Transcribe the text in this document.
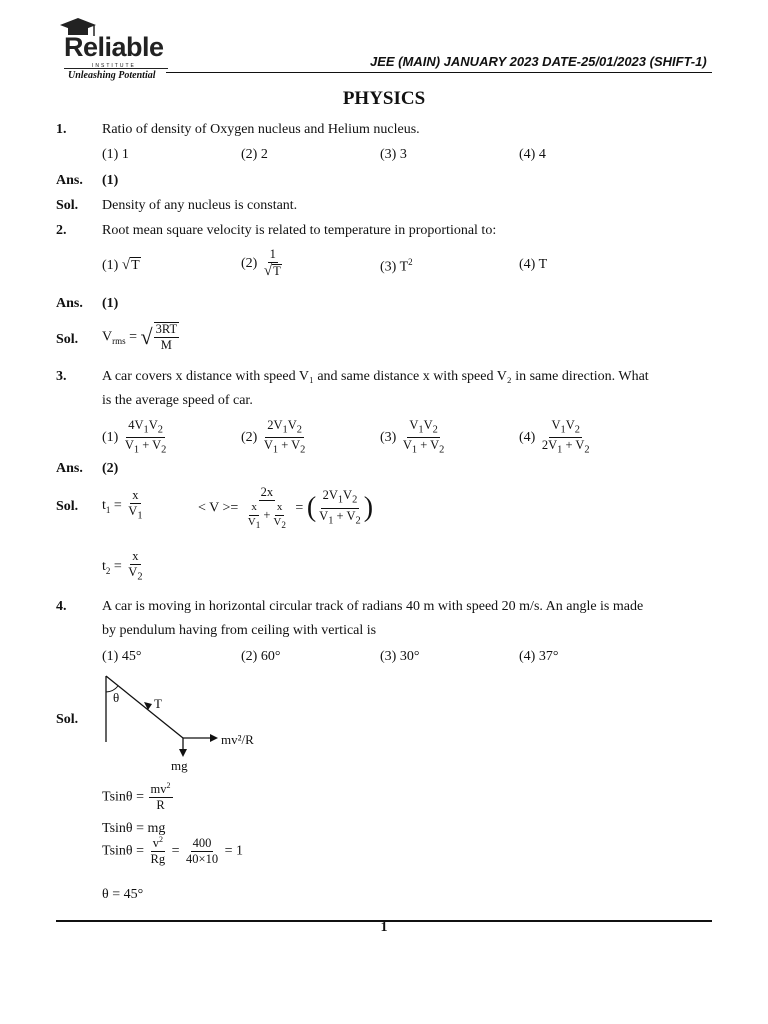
Reliable
INSTITUTE
Unleashing Potential
JEE (MAIN) JANUARY 2023 DATE-25/01/2023 (SHIFT-1)
PHYSICS
1.	Ratio of density of Oxygen nucleus and Helium nucleus.
(1) 1	(2) 2	(3) 3	(4) 4
Ans. (1)
Sol. Density of any nucleus is constant.
2.	Root mean square velocity is related to temperature in proportional to:
(1) √T	$(2) \frac{1}{√T}$	(3) $T^2$	(4) T
Ans. (1)
Sol. $V_{rms}$ = √ $\frac{3RT}{M}$
3.	A car covers x distance with speed V₁ and same distance x with speed V₂ in same direction. What
is the average speed of car.
$(1) \frac{4V_1V_2}{V_1 + V_2}$	$(2) \frac{2V_1V_2}{V_1 + V_2}$	$(3) \frac{V_1V_2}{V_1 + V_2}$	$(4) \frac{V_1V_2}{2V_1 + V_2}$
Ans. (2)
Sol. $t_1 = \frac{x}{V_1}$	< $V >= \frac{2x}{\frac{x}{V_1} + \frac{x}{V_2}}$ = ( $\frac{2V_1V_2}{V_1 + V_2}$ )
$t_2 = \frac{x}{V_2}$
4.	A car is moving in horizontal circular track of radians 40 m with speed 20 m/s. An angle is made
by pendulum having from ceiling with vertical is
(1) 45°	(2) 60°	(3) 30°	(4) 37°
Sol.
θ	T
mv²/R
mg
$Tsin\theta = \frac{mv^2}{R}$
Tsinθ = mg
$Tsin\theta = \frac{v^2}{Rg} = \frac{400}{40\times 10} = 1$
θ = 45°
1
